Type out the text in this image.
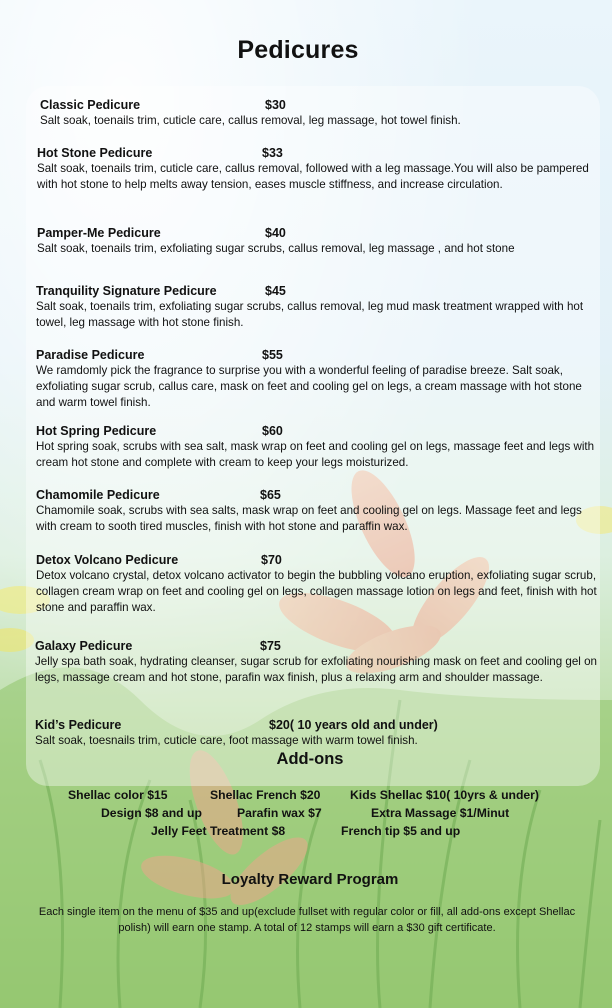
Pedicures
Classic Pedicure	$30
Salt soak, toenails trim, cuticle care, callus removal, leg massage, hot towel finish.
Hot Stone Pedicure	$33
Salt soak, toenails trim, cuticle care, callus removal, followed with a leg massage.You will also be pampered with hot stone to help melts away tension, eases muscle stiffness, and increase circulation.
Pamper-Me Pedicure	$40
Salt soak, toenails trim, exfoliating sugar scrubs, callus removal, leg massage , and hot stone
Tranquility Signature Pedicure	$45
Salt soak, toenails trim, exfoliating sugar scrubs, callus removal, leg mud mask treatment wrapped with hot towel, leg massage with hot stone finish.
Paradise Pedicure	$55
We ramdomly pick the fragrance to surprise you with a wonderful feeling of paradise breeze. Salt soak, exfoliating sugar scrub, callus care, mask on feet and cooling gel on legs, a cream massage with hot stone and warm towel finish.
Hot Spring Pedicure	$60
Hot spring soak, scrubs with sea salt, mask wrap on feet and cooling gel on legs, massage feet and legs with cream hot stone and complete with cream to keep your legs moisturized.
Chamomile Pedicure	$65
Chamomile soak, scrubs with sea salts, mask wrap on feet and cooling gel on legs. Massage feet and legs with cream to sooth tired muscles, finish with hot stone and paraffin wax.
Detox Volcano Pedicure	$70
Detox volcano crystal, detox volcano activator to begin the bubbling volcano eruption, exfoliating sugar scrub, collagen cream wrap on feet and cooling gel on legs, collagen massage lotion on legs and feet, finish with hot stone and paraffin wax.
Galaxy Pedicure	$75
Jelly spa bath soak, hydrating cleanser, sugar scrub for exfoliating nourishing mask on feet and cooling gel on legs, massage cream and hot stone, parafin wax finish, plus a relaxing arm and shoulder massage.
Kid’s Pedicure	$20( 10 years old and under)
Salt soak, toesnails trim, cuticle care, foot massage with warm towel finish.
Add-ons
Shellac color $15	Shellac French $20 Kids Shellac $10( 10yrs & under)
Design $8 and up	Parafin wax $7	Extra Massage $1/Minut
Jelly Feet Treatment $8	French tip $5 and up
Loyalty Reward Program
Each single item on the menu of $35 and up(exclude fullset with regular color or fill, all add-ons except Shellac polish) will earn one stamp. A total of 12 stamps will earn a $30 gift certificate.
